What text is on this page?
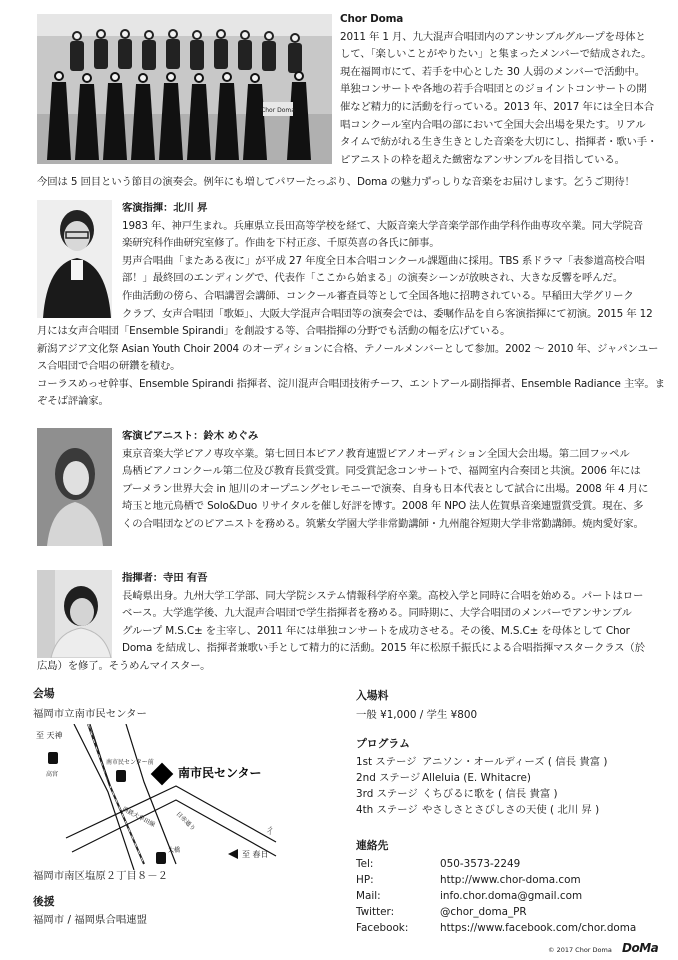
Chor Doma
Chor Doma
2011 年 1 月、九大混声合唱団内のアンサンブルグループを母体と
して、「楽しいことがやりたい」と集まったメンバーで結成された。
現在福岡市にて、若手を中心とした 30 人弱のメンバーで活動中。
単独コンサートや各地の若手合唱団とのジョイントコンサートの開
催など精力的に活動を行っている。2013 年、2017 年には全日本合
唱コンクール室内合唱の部において全国大会出場を果たす。リアル
タイムで紡がれる生き生きとした音楽を大切にし、指揮者・歌い手・
ピアニストの枠を超えた緻密なアンサンブルを目指している。
今回は 5 回目という節目の演奏会。例年にも増してパワーたっぷり、Doma の魅力ずっしりな音楽をお届けします。乞うご期待！
客演指揮：北川 昇
1983 年、神戸生まれ。兵庫県立長田高等学校を経て、大阪音楽大学音楽学部作曲学科作曲専攻卒業。同大学院音
楽研究科作曲研究室修了。作曲を下村正彦、千原英喜の各氏に師事。
男声合唱曲「またある夜に」が平成 27 年度全日本合唱コンクール課題曲に採用。TBS 系ドラマ「表参道高校合唱
部！」最終回のエンディングで、代表作「ここから始まる」の演奏シーンが放映され、大きな反響を呼んだ。
作曲活動の傍ら、合唱講習会講師、コンクール審査員等として全国各地に招聘されている。早稲田大学グリーク
クラブ、女声合唱団「歌姫」、大阪大学混声合唱団等の演奏会では、委嘱作品を自ら客演指揮にて初演。2015 年 12
月には女声合唱団「Ensemble Spirandi」を創設する等、合唱指揮の分野でも活動の幅を広げている。
新潟アジア文化祭 Asian Youth Choir 2004 のオーディションに合格、テノールメンバーとして参加。2002 ～ 2010 年、ジャパンユー
ス合唱団で合唱の研鑽を積む。
コーラスめっせ幹事、Ensemble Spirandi 指揮者、淀川混声合唱団技術チーフ、エントアール副指揮者、Ensemble Radiance 主宰。ま
ぞそば評論家。
客演ピアニスト：鈴木 めぐみ
東京音楽大学ピアノ専攻卒業。第七回日本ピアノ教育連盟ピアノオーディション全国大会出場。第二回フッペル
鳥栖ピアノコンクール第二位及び教育長賞受賞。同受賞記念コンサートで、福岡室内合奏団と共演。2006 年には
ブーメラン世界大会 in 旭川のオープニングセレモニーで演奏、自身も日本代表として試合に出場。2008 年 4 月に
埼玉と地元鳥栖で Solo&Duo リサイタルを催し好評を博す。2008 年 NPO 法人佐賀県音楽連盟賞受賞。現在、多
くの合唱団などのピアニストを務める。筑紫女学園大学非常勤講師・九州龍谷短期大学非常勤講師。焼肉愛好家。
指揮者：寺田 有吾
長崎県出身。九州大学工学部、同大学院システム情報科学府卒業。高校入学と同時に合唱を始める。パートはロー
ベース。大学進学後、九大混声合唱団で学生指揮者を務める。同時期に、大学合唱団のメンバーでアンサンブル
グループ M.S.C± を主宰し、2011 年には単独コンサートを成功させる。その後、M.S.C± を母体として Chor
Doma を結成し、指揮者兼歌い手として精力的に活動。2015 年に松原千振氏による合唱指揮マスタークラス（於
広島）を修了。そうめんマイスター。
会場
福岡市立南市民センター
至 天神
高宮
南市民センター前
大橋
西鉄大牟田線	日赤通り
南市民センター
至 春日
ㄔ
福岡市南区塩原２丁目８－２
後援
福岡市 / 福岡県合唱連盟
入場料
一般 ¥1,000 / 学生 ¥800
プログラム
1st ステージ アニソン・オールディーズ ( 信長 貴富 )
2nd ステージ Alleluia (E. Whitacre)
3rd ステージ くちびるに歌を ( 信長 貴富 )
4th ステージ やさしさとさびしさの天使 ( 北川 昇 )
連絡先
Tel:	050-3573-2249
HP:	http://www.chor-doma.com
Mail:	info.chor.doma@gmail.com
Twitter:	@chor_doma_PR
Facebook:	https://www.facebook.com/chor.doma
© 2017 Chor Doma DoMa
